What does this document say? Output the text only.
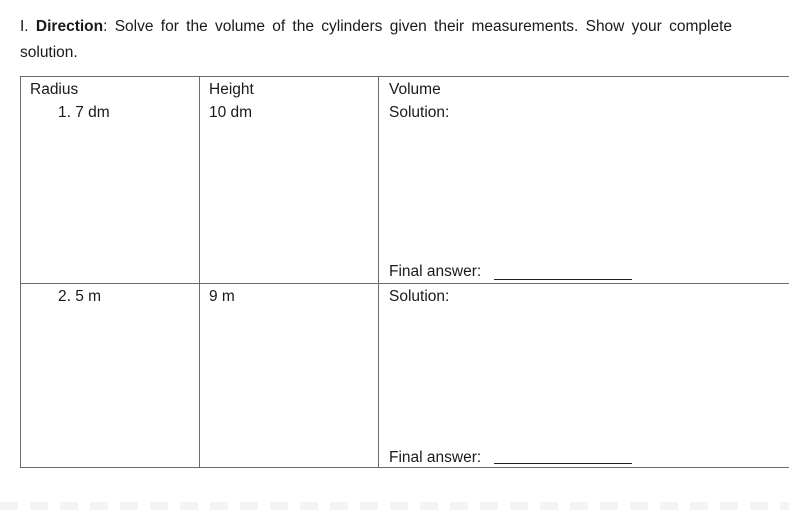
I. Direction: Solve for the volume of the cylinders given their measurements. Show your complete solution.
Radius	Height	Volume
1. 7 dm	10 dm	Solution:
Final answer:
2. 5 m	9 m	Solution:
Final answer:
